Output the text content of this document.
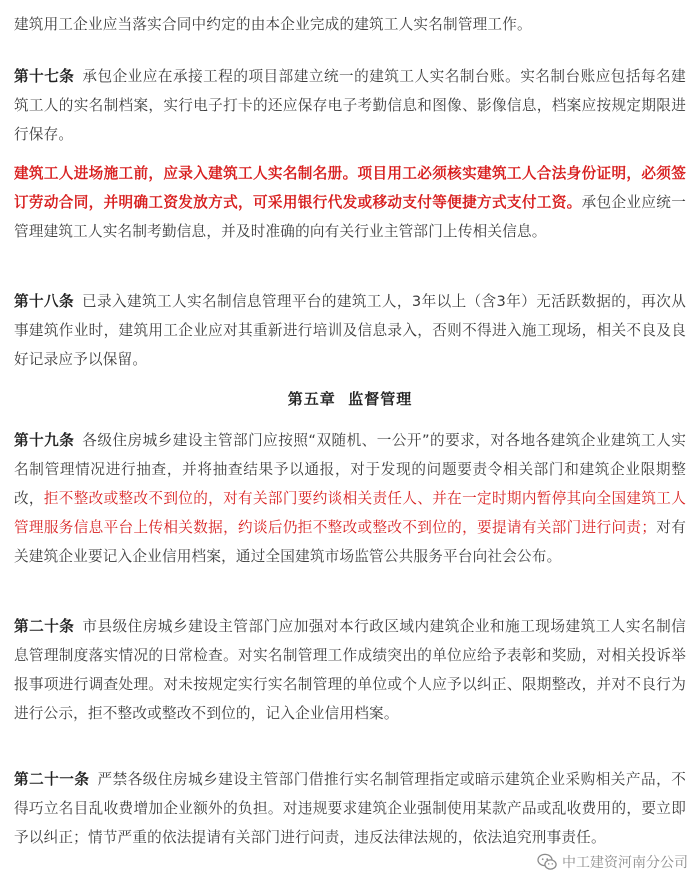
建筑用工企业应当落实合同中约定的由本企业完成的建筑工人实名制管理工作。

第十七条 承包企业应在承接工程的项目部建立统一的建筑工人实名制台账。实名制台账应包括每名建筑工人的实名制档案，实行电子打卡的还应保存电子考勤信息和图像、影像信息，档案应按规定期限进行保存。

建筑工人进场施工前，应录入建筑工人实名制名册。项目用工必须核实建筑工人合法身份证明，必须签订劳动合同，并明确工资发放方式，可采用银行代发或移动支付等便捷方式支付工资。承包企业应统一管理建筑工人实名制考勤信息，并及时准确的向有关行业主管部门上传相关信息。

第十八条 已录入建筑工人实名制信息管理平台的建筑工人，3年以上（含3年）无活跃数据的，再次从事建筑作业时，建筑用工企业应对其重新进行培训及信息录入，否则不得进入施工现场，相关不良及良好记录应予以保留。

第五章  监督管理

第十九条 各级住房城乡建设主管部门应按照“双随机、一公开”的要求，对各地各建筑企业建筑工人实名制管理情况进行抽查，并将抽查结果予以通报，对于发现的问题要责令相关部门和建筑企业限期整改，拒不整改或整改不到位的，对有关部门要约谈相关责任人、并在一定时期内暂停其向全国建筑工人管理服务信息平台上传相关数据，约谈后仍拒不整改或整改不到位的，要提请有关部门进行问责；对有关建筑企业要记入企业信用档案，通过全国建筑市场监管公共服务平台向社会公布。

第二十条 市县级住房城乡建设主管部门应加强对本行政区域内建筑企业和施工现场建筑工人实名制信息管理制度落实情况的日常检查。对实名制管理工作成绩突出的单位应给予表彰和奖励，对相关投诉举报事项进行调查处理。对未按规定实行实名制管理的单位或个人应予以纠正、限期整改，并对不良行为进行公示，拒不整改或整改不到位的，记入企业信用档案。

第二十一条 严禁各级住房城乡建设主管部门借推行实名制管理指定或暗示建筑企业采购相关产品，不得巧立名目乱收费增加企业额外的负担。对违规要求建筑企业强制使用某款产品或乱收费用的，要立即予以纠正；情节严重的依法提请有关部门进行问责，违反法律法规的，依法追究刑事责任。

中工建资河南分公司
